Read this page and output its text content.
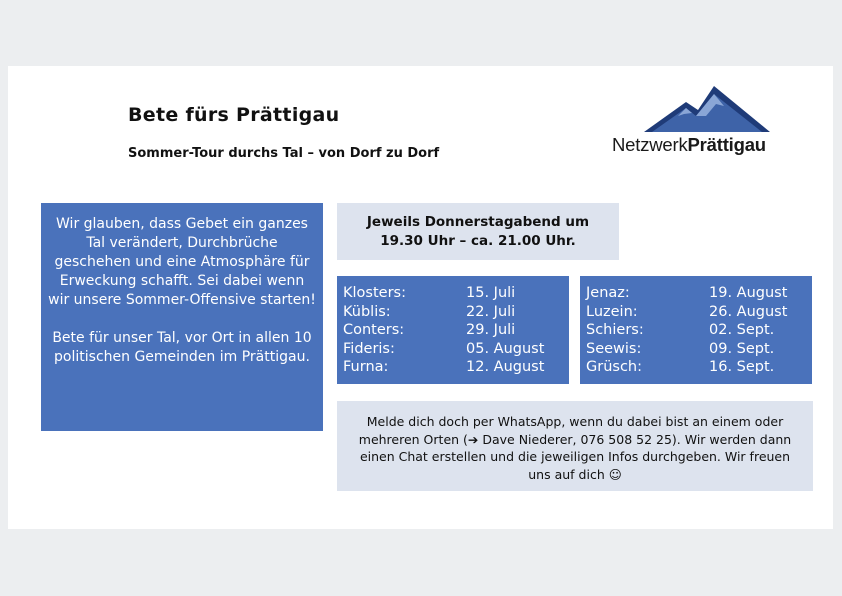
Bete fürs Prättigau
Sommer-Tour durchs Tal – von Dorf zu Dorf	NetzwerkPrättigau

Wir glauben, dass Gebet ein ganzes Tal verändert, Durchbrüche geschehen und eine Atmosphäre für Erweckung schafft. Sei dabei wenn wir unsere Sommer-Offensive starten!

Bete für unser Tal, vor Ort in allen 10 politischen Gemeinden im Prättigau.

Jeweils Donnerstagabend um
19.30 Uhr – ca. 21.00 Uhr.
Klosters:	15. Juli
Küblis:	22. Juli
Conters:	29. Juli
Fideris:	05. August
Furna:	12. August
Jenaz:	19. August
Luzein:	26. August
Schiers:	02. Sept.
Seewis:	09. Sept.
Grüsch:	16. Sept.
Melde dich doch per WhatsApp, wenn du dabei bist an einem oder mehreren Orten (➔ Dave Niederer, 076 508 52 25). Wir werden dann einen Chat erstellen und die jeweiligen Infos durchgeben. Wir freuen uns auf dich ☺
